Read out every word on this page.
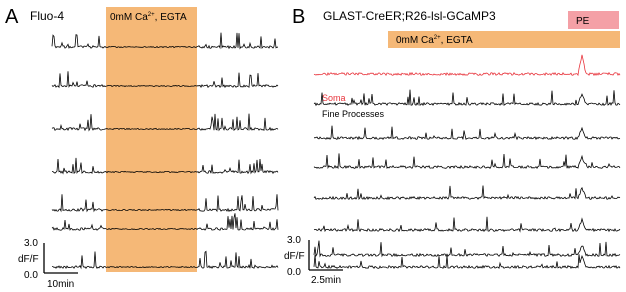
A Fluo-4	0mM $Ca^{2+}$, EGTA
3.0
dF/F
0.0
10min
B GLAST-CreER;R26-lsl-GCaMP3	PE
0mM $Ca^{2+}$, EGTA
Soma
Fine Processes
3.0
dF/F
0.0
2.5min
